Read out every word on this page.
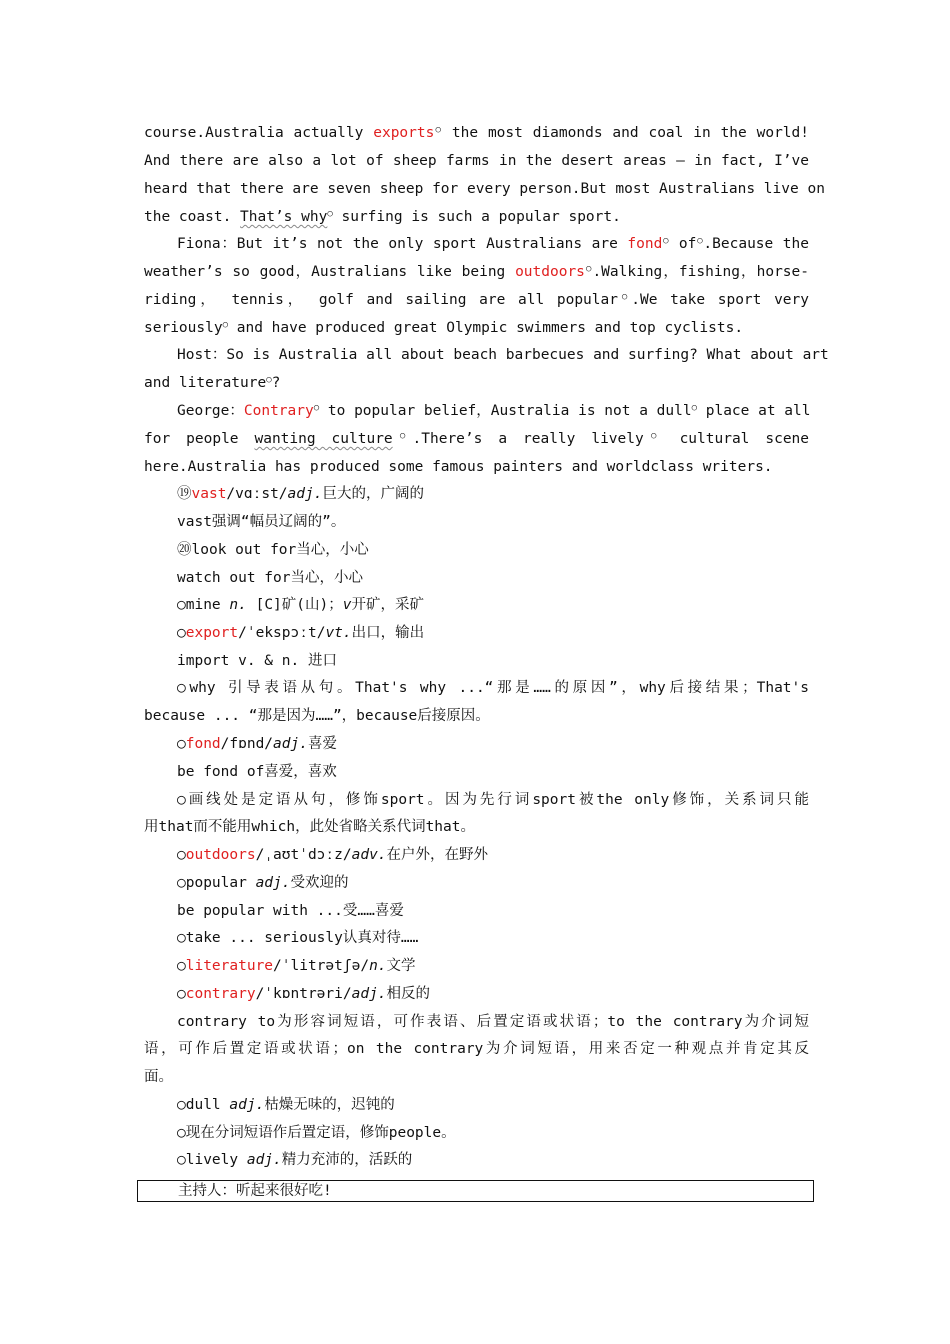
course.Australia actually exports○ the most diamonds and coal in the world!
And there are also a lot of sheep farms in the desert areas — in fact, I’ve
heard that there are seven sheep for every person.But most Australians live on
the coast. That’s why○ surfing is such a popular sport.
Fiona：But it’s not the only sport Australians are fond○ of○.Because the
weather’s so good，Australians like being outdoors○.Walking，fishing，horse-
riding， tennis， golf and sailing are all popular○.We take sport very
seriously○ and have produced great Olympic swimmers and top cyclists.
Host：So is Australia all about beach barbecues and surfing? What about art
and literature○?
George：Contrary○ to popular belief，Australia is not a dull○ place at all
for people wanting culture○.There’s a really lively○ cultural scene
here.Australia has produced some famous painters and worldclass writers.
⑲vast/vɑːst/adj.巨大的，广阔的
vast强调“幅员辽阔的”。
⑳look out for当心，小心
watch out for当心，小心
○mine n. [C]矿(山)；v开矿，采矿
○export/ˈekspɔːt/vt.出口，输出
import v. & n. 进口
○why 引导表语从句。That's why ...“那是……的原因”，why后接结果；That's
because ... “那是因为……”，because后接原因。
○fond/fɒnd/adj.喜爱
be fond of喜爱，喜欢
○画线处是定语从句，修饰sport。因为先行词sport被the only修饰，关系词只能
用that而不能用which，此处省略关系代词that。
○outdoors/ˌaʊtˈdɔːz/adv.在户外，在野外
○popular adj.受欢迎的
be popular with ...受……喜爱
○take ... seriously认真对待……
○literature/ˈlitrətʃə/n.文学
○contrary/ˈkɒntrəri/adj.相反的
contrary to为形容词短语，可作表语、后置定语或状语；to the contrary为介词短
语，可作后置定语或状语；on the contrary为介词短语，用来否定一种观点并肯定其反
面。
○dull adj.枯燥无味的，迟钝的
○现在分词短语作后置定语，修饰people。
○lively adj.精力充沛的，活跃的
主持人：听起来很好吃!
